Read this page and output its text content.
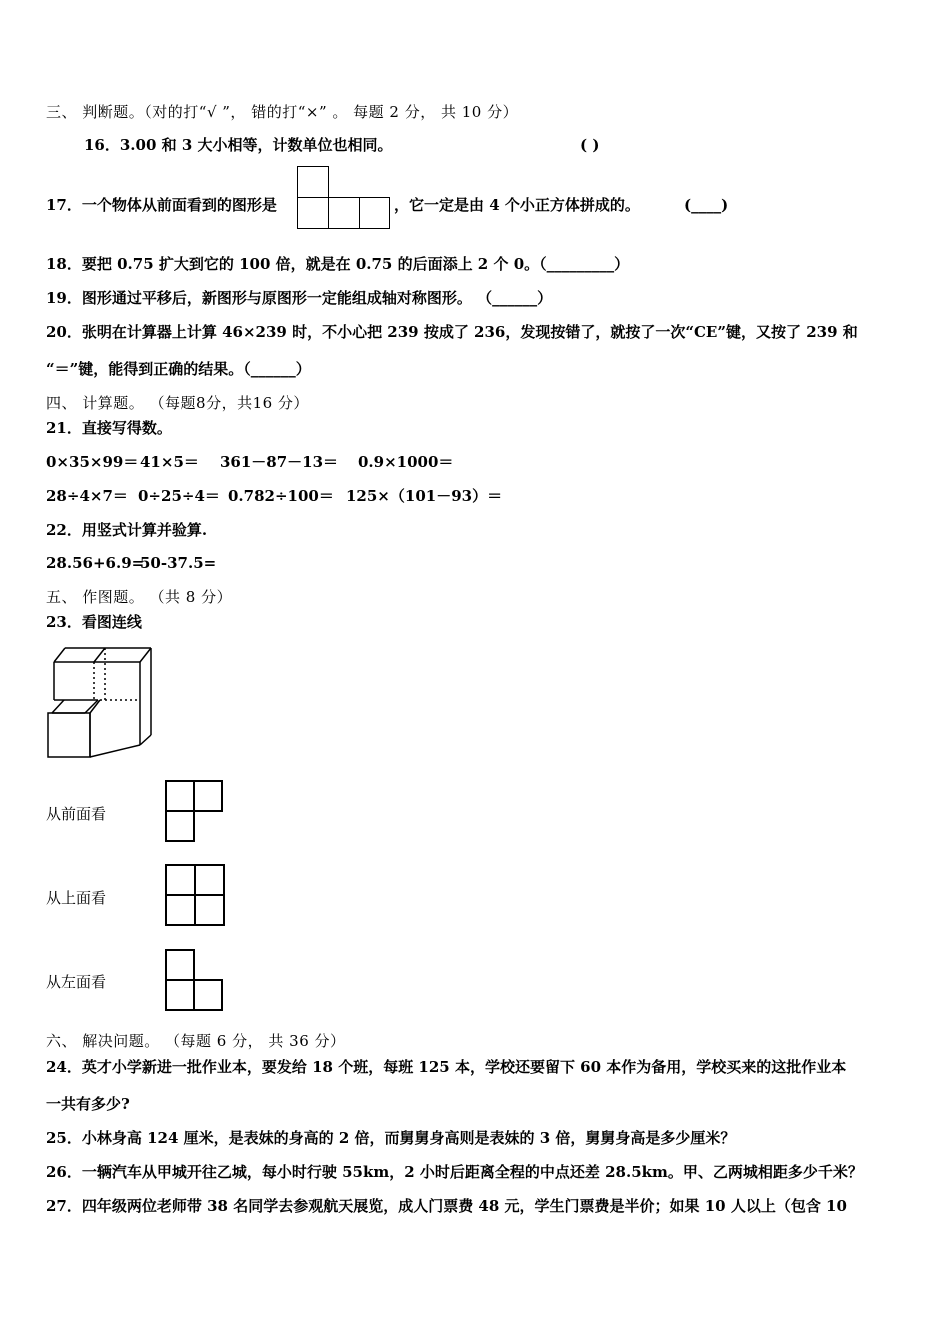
三、 判断题。（对的打“√ ”， 错的打“×” 。 每题 2 分， 共 10 分）
16．3.00 和 3 大小相等，计数单位也相同。	( )
17．一个物体从前面看到的图形是	，它一定是由 4 个小正方体拼成的。	(____)
18．要把 0.75 扩大到它的 100 倍，就是在 0.75 的后面添上 2 个 0。（_________）
19．图形通过平移后，新图形与原图形一定能组成轴对称图形。 （______）
20．张明在计算器上计算 46×239 时，不小心把 239 按成了 236，发现按错了，就按了一次“CE”键，又按了 239 和
“＝”键，能得到正确的结果。（______）
四、 计算题。 （每题8分，共16 分）
21．直接写得数。
0×35×99＝ 41×5＝ 361－87－13＝ 0.9×1000＝
28÷4×7＝ 0÷25÷4＝ 0.782÷100＝ 125×（101－93）＝
22．用竖式计算并验算.
28.56+6.9=
50-37.5=
五、 作图题。 （共 8 分）
23．看图连线
从前面看
从上面看
从左面看
六、 解决问题。 （每题 6 分， 共 36 分）
24．英才小学新进一批作业本，要发给 18 个班，每班 125 本，学校还要留下 60 本作为备用，学校买来的这批作业本
一共有多少?
25．小林身高 124 厘米，是表妹的身高的 2 倍，而舅舅身高则是表妹的 3 倍，舅舅身高是多少厘米？
26．一辆汽车从甲城开往乙城，每小时行驶 55km，2 小时后距离全程的中点还差 28.5km。甲、乙两城相距多少千米？
27．四年级两位老师带 38 名同学去参观航天展览，成人门票费 48 元，学生门票费是半价；如果 10 人以上（包含 10
